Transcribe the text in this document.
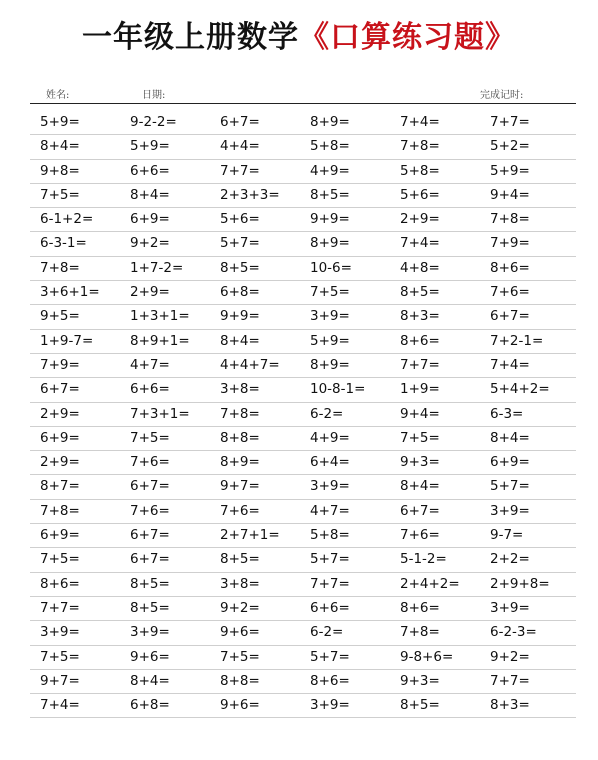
一年级上册数学《口算练习题》
姓名:	日期:	完成记时:
5+9=	9-2-2=	6+7=	8+9=	7+4=	7+7=
8+4=	5+9=	4+4=	5+8=	7+8=	5+2=
9+8=	6+6=	7+7=	4+9=	5+8=	5+9=
7+5=	8+4=	2+3+3= 8+5=	5+6=	9+4=
6-1+2=	6+9=	5+6=	9+9=	2+9=	7+8=
6-3-1=	9+2=	5+7=	8+9=	7+4=	7+9=
7+8=	1+7-2=	8+5=	10-6=	4+8=	8+6=
3+6+1= 2+9=	6+8=	7+5=	8+5=	7+6=
9+5=	1+3+1= 9+9=	3+9=	8+3=	6+7=
1+9-7=	8+9+1= 8+4=	5+9=	8+6=	7+2-1=
7+9=	4+7=	4+4+7= 8+9=	7+7=	7+4=
6+7=	6+6=	3+8=	10-8-1=	1+9=	5+4+2=
2+9=	7+3+1= 7+8=	6-2=	9+4=	6-3=
6+9=	7+5=	8+8=	4+9=	7+5=	8+4=
2+9=	7+6=	8+9=	6+4=	9+3=	6+9=
8+7=	6+7=	9+7=	3+9=	8+4=	5+7=
7+8=	7+6=	7+6=	4+7=	6+7=	3+9=
6+9=	6+7=	2+7+1= 5+8=	7+6=	9-7=
7+5=	6+7=	8+5=	5+7=	5-1-2=	2+2=
8+6=	8+5=	3+8=	7+7=	2+4+2= 2+9+8=
7+7=	8+5=	9+2=	6+6=	8+6=	3+9=
3+9=	3+9=	9+6=	6-2=	7+8=	6-2-3=
7+5=	9+6=	7+5=	5+7=	9-8+6=	9+2=
9+7=	8+4=	8+8=	8+6=	9+3=	7+7=
7+4=	6+8=	9+6=	3+9=	8+5=	8+3=
